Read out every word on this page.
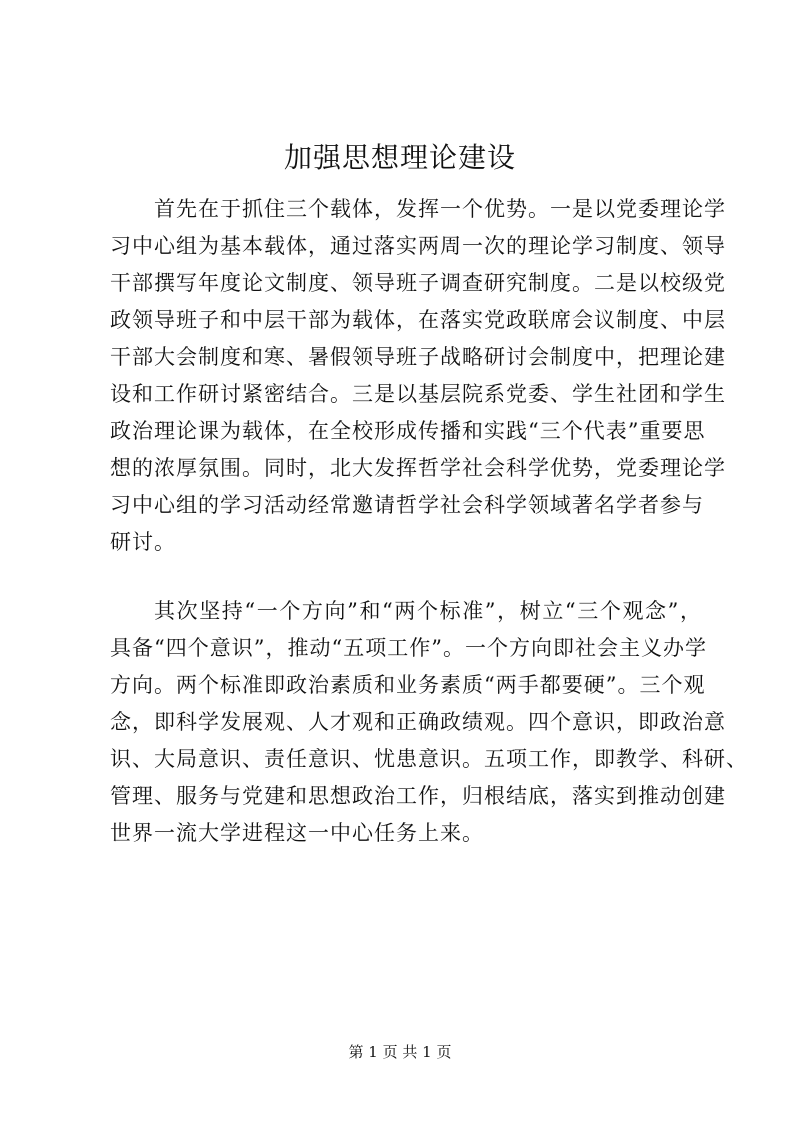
加强思想理论建设
首先在于抓住三个载体，发挥一个优势。一是以党委理论学
习中心组为基本载体，通过落实两周一次的理论学习制度、领导
干部撰写年度论文制度、领导班子调查研究制度。二是以校级党
政领导班子和中层干部为载体，在落实党政联席会议制度、中层
干部大会制度和寒、暑假领导班子战略研讨会制度中，把理论建
设和工作研讨紧密结合。三是以基层院系党委、学生社团和学生
政治理论课为载体，在全校形成传播和实践“三个代表”重要思
想的浓厚氛围。同时，北大发挥哲学社会科学优势，党委理论学
习中心组的学习活动经常邀请哲学社会科学领域著名学者参与
研讨。
其次坚持“一个方向”和“两个标准”，树立“三个观念”，
具备“四个意识”，推动“五项工作”。一个方向即社会主义办学
方向。两个标准即政治素质和业务素质“两手都要硬”。三个观
念，即科学发展观、人才观和正确政绩观。四个意识，即政治意
识、大局意识、责任意识、忧患意识。五项工作，即教学、科研、
管理、服务与党建和思想政治工作，归根结底，落实到推动创建
世界一流大学进程这一中心任务上来。
第 1 页 共 1 页
